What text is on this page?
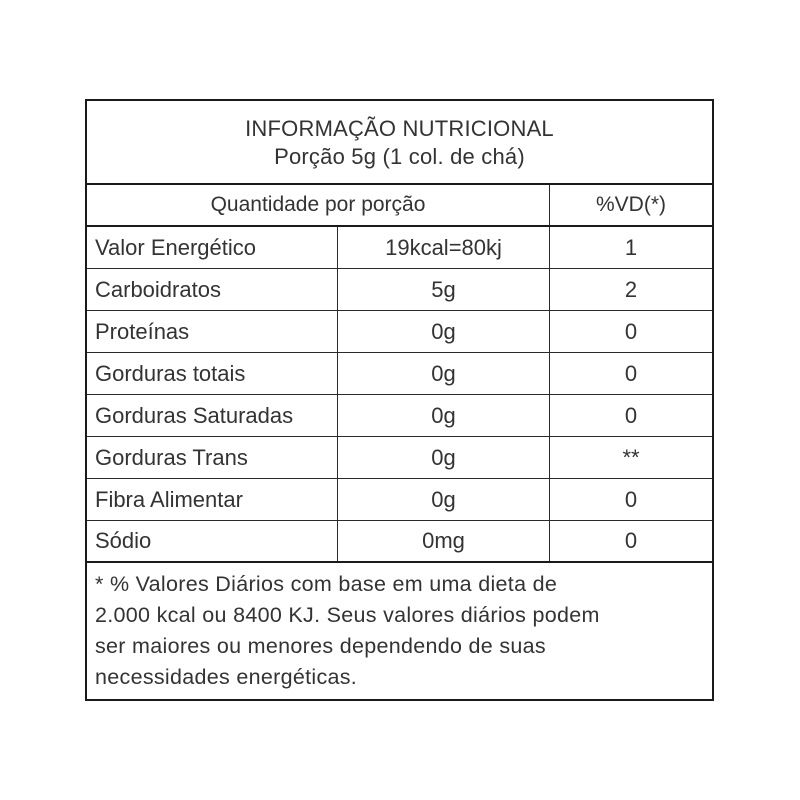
INFORMAÇÃO NUTRICIONAL
Porção 5g (1 col. de chá)
Quantidade por porção	%VD(*)
Valor Energético	19kcal=80kj	1
Carboidratos	5g	2
Proteínas	0g	0
Gorduras totais	0g	0
Gorduras Saturadas	0g	0
Gorduras Trans	0g	**
Fibra Alimentar	0g	0
Sódio	0mg	0
* % Valores Diários com base em uma dieta de
2.000 kcal ou 8400 KJ. Seus valores diários podem
ser maiores ou menores dependendo de suas
necessidades energéticas.
